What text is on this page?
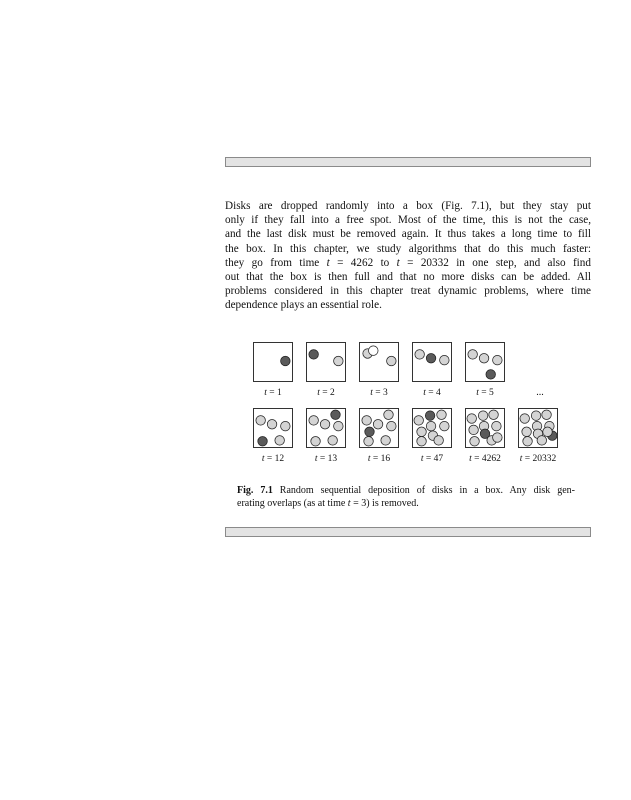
Disks are dropped randomly into a box (Fig. 7.1), but they stay put
only if they fall into a free spot. Most of the time, this is not the case,
and the last disk must be removed again. It thus takes a long time to fill
the box. In this chapter, we study algorithms that do this much faster:
they go from time t = 4262 to t = 20332 in one step, and also find
out that the box is then full and that no more disks can be added. All
problems considered in this chapter treat dynamic problems, where time
dependence plays an essential role.

t = 1	t = 2	t = 3	t = 4	t = 5
t = 12	t = 13	t = 16	t = 47	t = 4262	t = 20332
...

Fig. 7.1 Random sequential deposition of disks in a box. Any disk gen-
erating overlaps (as at time t = 3) is removed.
